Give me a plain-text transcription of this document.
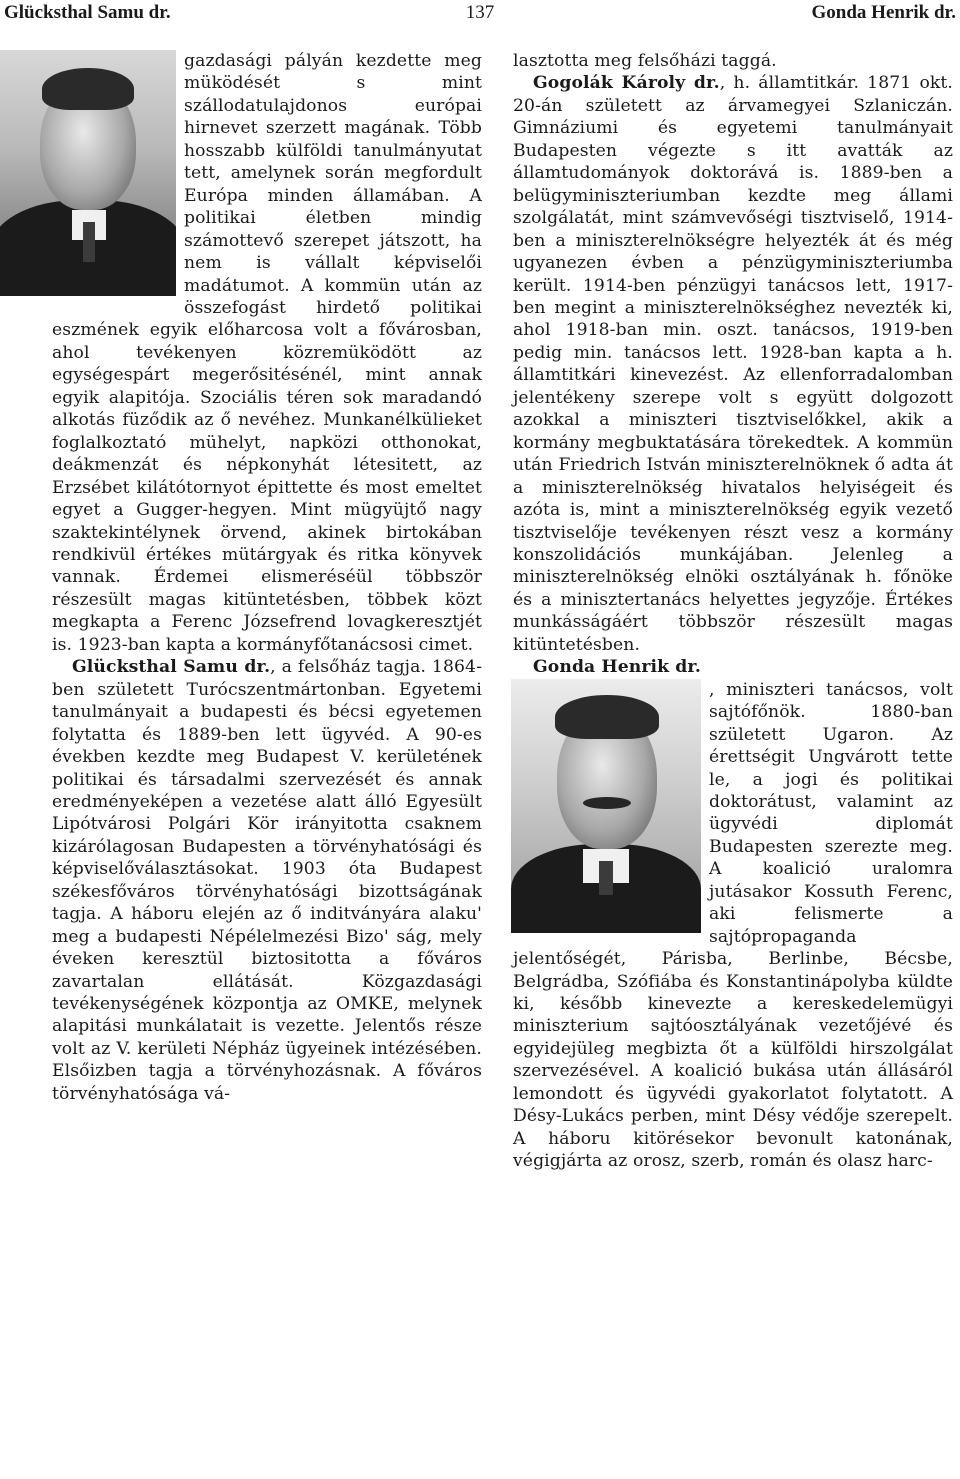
Glücksthal Samu dr.	137	Gonda Henrik dr.

gazdasági pályán kezdette meg müködését s mint szállodatulajdonos európai hirnevet szerzett magának. Több hosszabb külföldi tanulmányutat tett, amelynek során megfordult Európa minden államában. A politikai életben mindig számottevő szerepet játszott, ha nem is vállalt képviselői madátumot. A kommün után az összefogást hirdető politikai eszmének egyik előharcosa volt a fővárosban, ahol tevékenyen közremüködött az egységespárt megerősitésénél, mint annak egyik alapitója. Szociális téren sok maradandó alkotás füződik az ő nevéhez. Munkanélkülieket foglalkoztató mühelyt, napközi otthonokat, deákmenzát és népkonyhát létesitett, az Erzsébet kilátótornyot épittette és most emeltet egyet a Gugger-hegyen. Mint mügyüjtő nagy szaktekintélynek örvend, akinek birtokában rendkivül értékes mütárgyak és ritka könyvek vannak. Érdemei elismeréséül többször részesült magas kitüntetésben, többek közt megkapta a Ferenc Józsefrend lovagkeresztjét is. 1923-ban kapta a kormányfőtanácsosi cimet.

Glücksthal Samu dr., a felsőház tagja. 1864-ben született Turócszentmártonban. Egyetemi tanulmányait a budapesti és bécsi egyetemen folytatta és 1889-ben lett ügyvéd. A 90-es években kezdte meg Budapest V. kerületének politikai és társadalmi szervezését és annak eredményeképen a vezetése alatt álló Egyesült Lipótvárosi Polgári Kör irányitotta csaknem kizárólagosan Budapesten a törvényhatósági és képviselőválasztásokat. 1903 óta Budapest székesfőváros törvényhatósági bizottságának tagja. A háboru elején az ő inditványára alaku' meg a budapesti Népélelmezési Bizo' ság, mely éveken keresztül biztositotta a főváros zavartalan ellátását. Közgazdasági tevékenységének központja az OMKE, melynek alapitási munkálatait is vezette. Jelentős része volt az V. kerületi Népház ügyeinek intézésében. Elsőizben tagja a törvényhozásnak. A főváros törvényhatósága vá-

lasztotta meg felsőházi taggá.

Gogolák Károly dr., h. államtitkár. 1871 okt. 20-án született az árvamegyei Szlaniczán. Gimnáziumi és egyetemi tanulmányait Budapesten végezte s itt avatták az államtudományok doktorává is. 1889-ben a belügyminiszteriumban kezdte meg állami szolgálatát, mint számvevőségi tisztviselő, 1914-ben a miniszterelnökségre helyezték át és még ugyanezen évben a pénzügyminiszteriumba került. 1914-ben pénzügyi tanácsos lett, 1917-ben megint a miniszterelnökséghez nevezték ki, ahol 1918-ban min. oszt. tanácsos, 1919-ben pedig min. tanácsos lett. 1928-ban kapta a h. államtitkári kinevezést. Az ellenforradalomban jelentékeny szerepe volt s együtt dolgozott azokkal a miniszteri tisztviselőkkel, akik a kormány megbuktatására törekedtek. A kommün után Friedrich István miniszterelnöknek ő adta át a miniszterelnökség hivatalos helyiségeit és azóta is, mint a miniszterelnökség egyik vezető tisztviselője tevékenyen részt vesz a kormány konszolidációs munkájában. Jelenleg a miniszterelnökség elnöki osztályának h. főnöke és a minisztertanács helyettes jegyzője. Értékes munkásságáért többször részesült magas kitüntetésben.

Gonda Henrik dr.

, miniszteri tanácsos, volt sajtófőnök. 1880-ban született Ugaron. Az érettségit Ungvárott tette le, a jogi és politikai doktorátust, valamint az ügyvédi diplomát Budapesten szerezte meg. A koalició uralomra jutásakor Kossuth Ferenc, aki felismerte a sajtópropaganda jelentőségét, Párisba, Berlinbe, Bécsbe, Belgrádba, Szófiába és Konstantinápolyba küldte ki, később kinevezte a kereskedelemügyi miniszterium sajtóosztályának vezetőjévé és egyidejüleg megbizta őt a külföldi hirszolgálat szervezésével. A koalició bukása után állásáról lemondott és ügyvédi gyakorlatot folytatott. A Désy-Lukács perben, mint Désy védője szerepelt. A háboru kitörésekor bevonult katonának, végigjárta az orosz, szerb, román és olasz harc-
